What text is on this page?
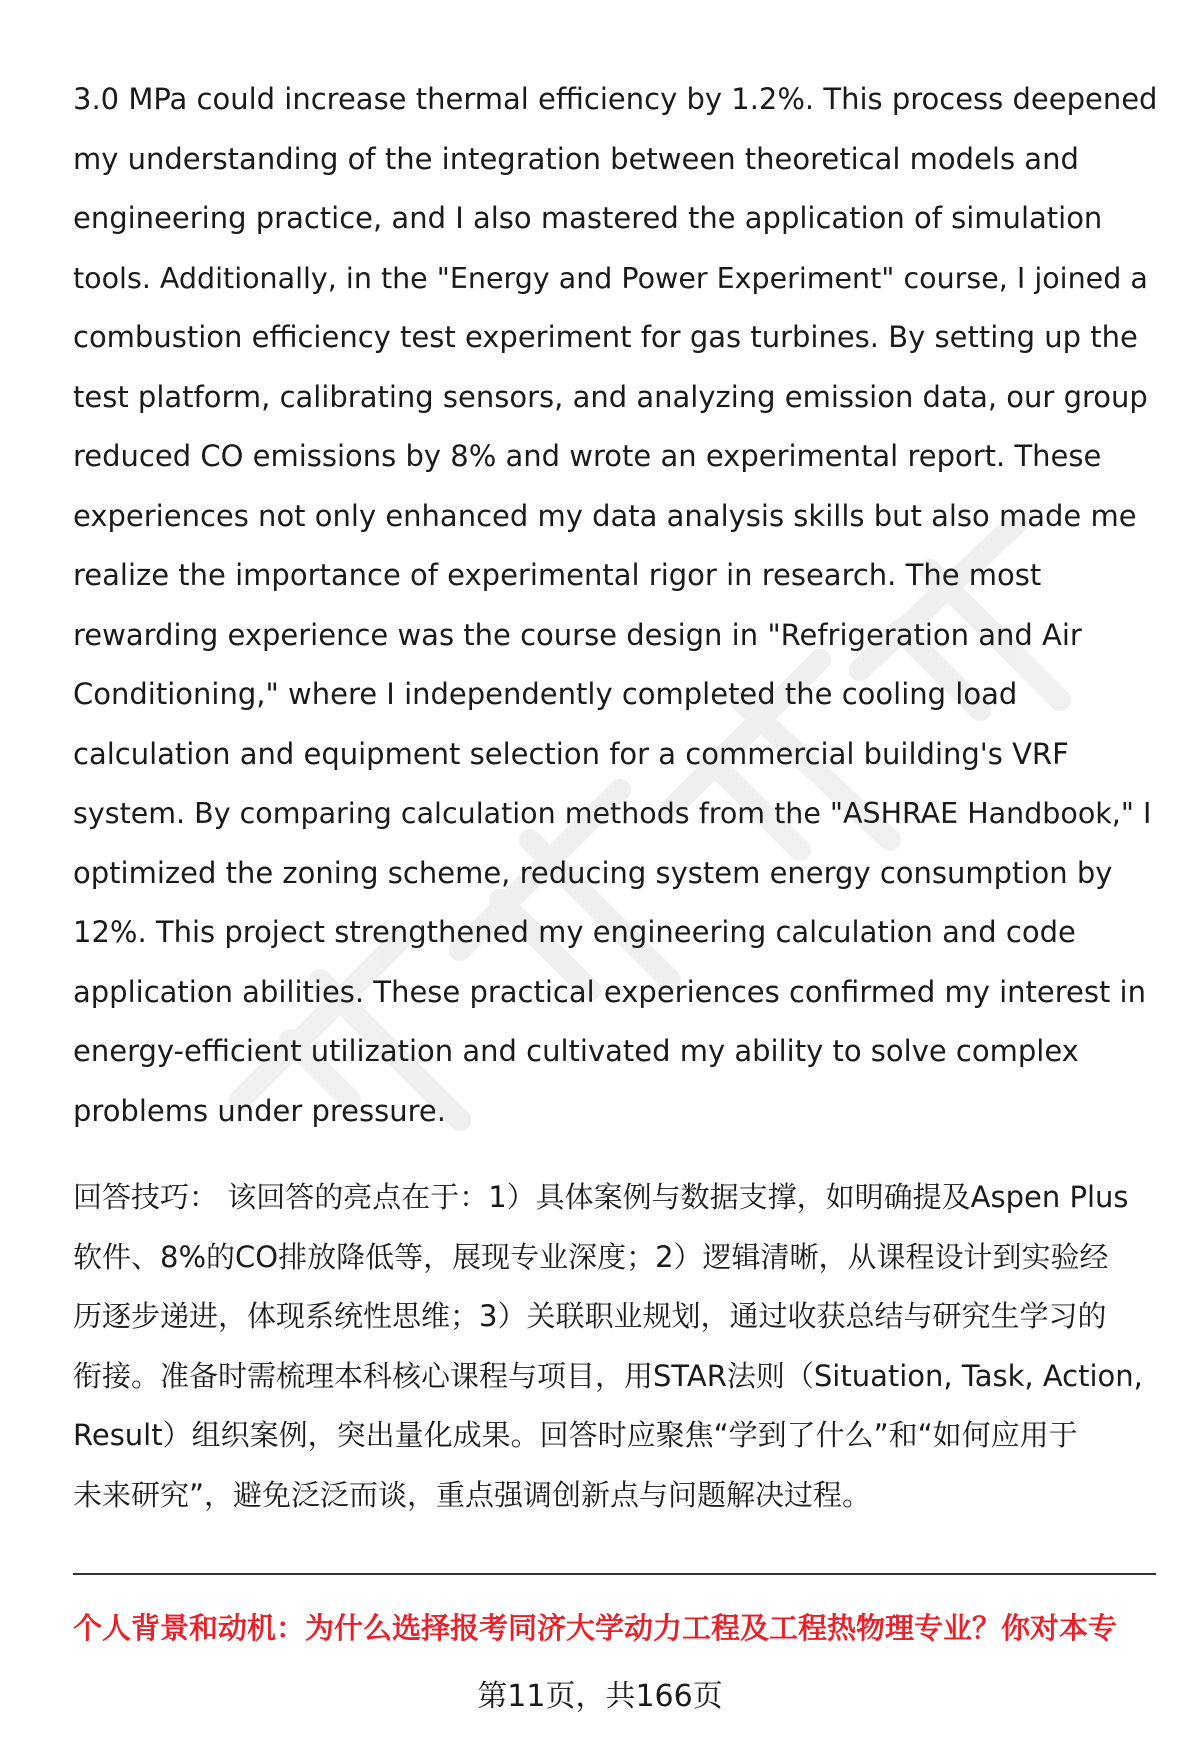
3.0 MPa could increase thermal efficiency by 1.2%. This process deepened
my understanding of the integration between theoretical models and
engineering practice, and I also mastered the application of simulation
tools. Additionally, in the "Energy and Power Experiment" course, I joined a
combustion efficiency test experiment for gas turbines. By setting up the
test platform, calibrating sensors, and analyzing emission data, our group
reduced CO emissions by 8% and wrote an experimental report. These
experiences not only enhanced my data analysis skills but also made me
realize the importance of experimental rigor in research. The most
rewarding experience was the course design in "Refrigeration and Air
Conditioning," where I independently completed the cooling load
calculation and equipment selection for a commercial building's VRF
system. By comparing calculation methods from the "ASHRAE Handbook," I
optimized the zoning scheme, reducing system energy consumption by
12%. This project strengthened my engineering calculation and code
application abilities. These practical experiences confirmed my interest in
energy-efficient utilization and cultivated my ability to solve complex
problems under pressure.
回答技巧： 该回答的亮点在于：1）具体案例与数据支撑，如明确提及Aspen Plus
软件、8%的CO排放降低等，展现专业深度；2）逻辑清晰，从课程设计到实验经
历逐步递进，体现系统性思维；3）关联职业规划，通过收获总结与研究生学习的
衔接。准备时需梳理本科核心课程与项目，用STAR法则（Situation, Task, Action,
Result）组织案例，突出量化成果。回答时应聚焦“学到了什么”和“如何应用于
未来研究”，避免泛泛而谈，重点强调创新点与问题解决过程。
个人背景和动机：为什么选择报考同济大学动力工程及工程热物理专业？你对本专
第11页，共166页
